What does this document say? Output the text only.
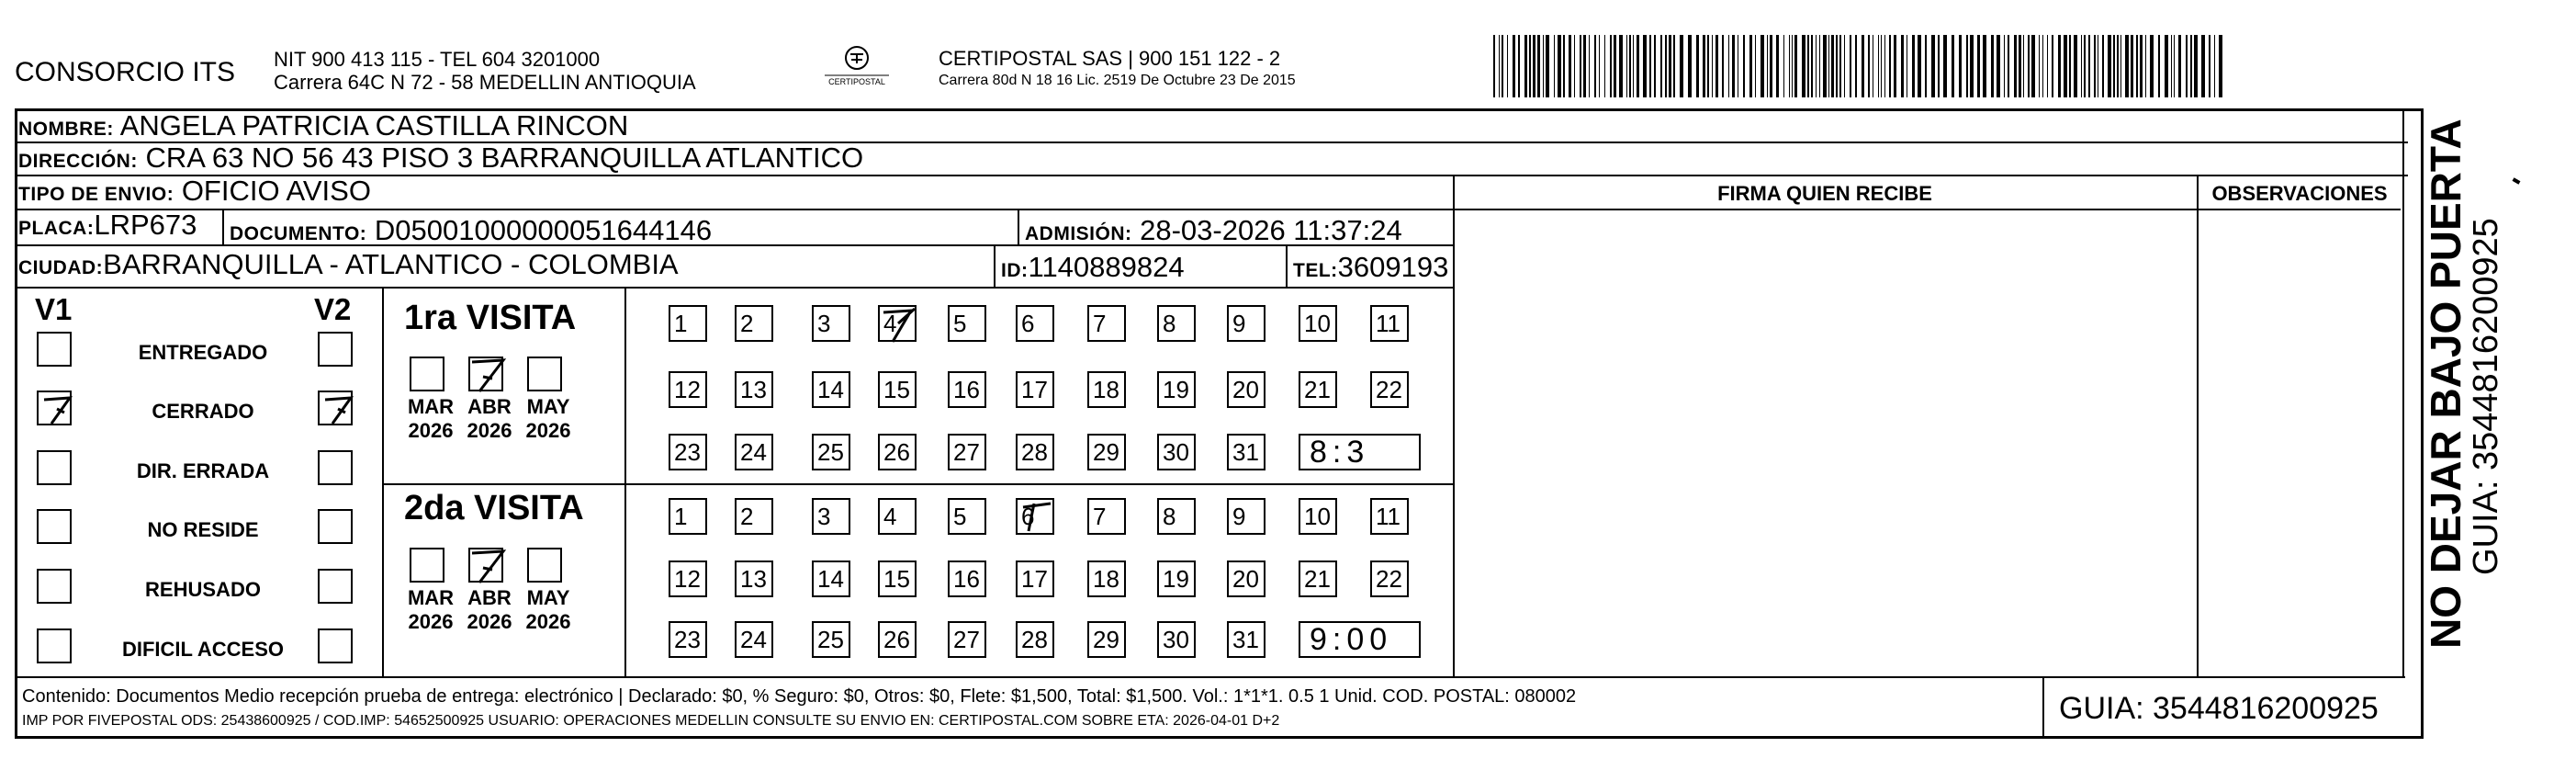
CONSORCIO ITS NIT 900 413 115 - TEL 604 3201000
Carrera 64C N 72 - 58 MEDELLIN ANTIOQUIA	CERTIPOSTAL
CERTIPOSTAL SAS | 900 151 122 - 2
Carrera 80d N 18 16 Lic. 2519 De Octubre 23 De 2015
NOMBRE: ANGELA PATRICIA CASTILLA RINCON
DIRECCIÓN: CRA 63 NO 56 43 PISO 3 BARRANQUILLA ATLANTICO
TIPO DE ENVIO: OFICIO AVISO	FIRMA QUIEN RECIBE	OBSERVACIONES
PLACA:LRP673	DOCUMENTO: D05001000000051644146	ADMISIÓN: 28-03-2026 11:37:24
CIUDAD:BARRANQUILLA - ATLANTICO - COLOMBIA	ID:1140889824	TEL:3609193
V1	V2
ENTREGADO
CERRADO
DIR. ERRADA
NO RESIDE
REHUSADO
DIFICIL ACCESO
1ra VISITA
2da VISITA
MAR
2026
ABR
2026
MAY
2026
MAR
2026
ABR
2026
MAY
2026
1	2	3	4	5	6	7	8	9	10 11
12 13 14 15 16 17 18 19 20 21 22
23 24 25 26 27 28 29 30 31	8:3
1	2	3	4	5	6	7	8	9	10 11
12 13 14 15 16 17 18 19 20 21 22
23 24 25 26 27 28 29 30 31	9:00
Contenido: Documentos Medio recepción prueba de entrega: electrónico | Declarado: $0, % Seguro: $0, Otros: $0, Flete: $1,500, Total: $1,500. Vol.: 1*1*1. 0.5 1 Unid. COD. POSTAL: 080002
IMP POR FIVEPOSTAL ODS: 25438600925 / COD.IMP: 54652500925 USUARIO: OPERACIONES MEDELLIN CONSULTE SU ENVIO EN: CERTIPOSTAL.COM SOBRE ETA: 2026-04-01 D+2	GUIA: 3544816200925
NO DEJAR BAJO PUERTA
GUIA: 3544816200925
